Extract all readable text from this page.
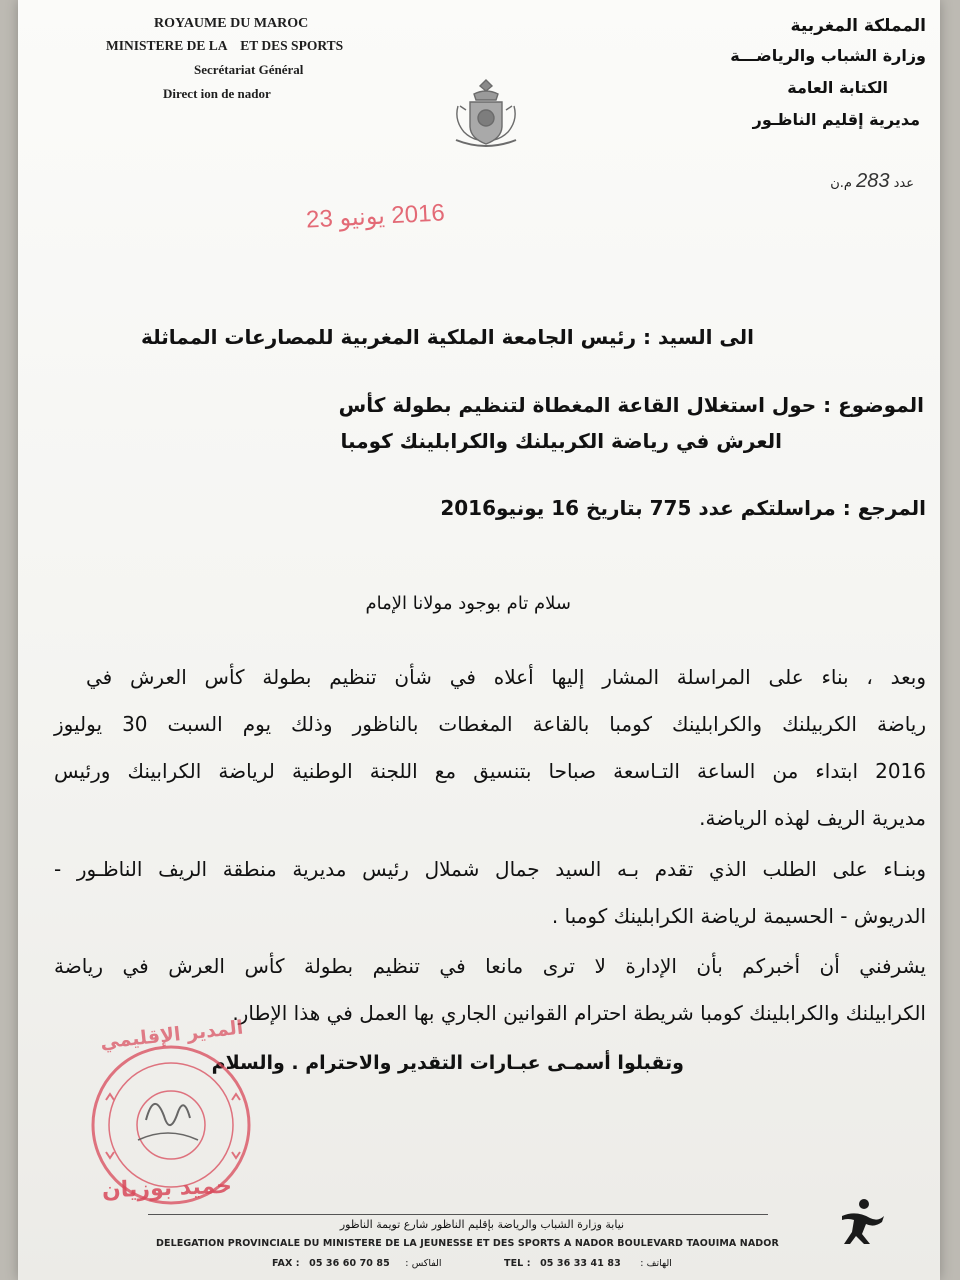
ROYAUME DU MAROC
MINISTERE DE LA    ET DES SPORTS
Secrétariat Général
Direct ion de nador
المملكة المغربية
وزارة الشباب والرياضـــة
الكتابة العامة
مديرية إقليم الناظـور
عدد 283 م.ن
2016 يونيو 23
الى السيد : رئيس الجامعة الملكية المغربية للمصارعات المماثلة
الموضوع : حول استغلال القاعة المغطاة لتنظيم بطولة كأس
العرش في رياضة الكربيلنك والكرابلينك كومبا
المرجع : مراسلتكم عدد 775 بتاريخ 16 يونيو2016
سلام تام بوجود مولانا الإمام
وبعد ، بناء على المراسلة المشار إليها أعلاه في شأن تنظيم بطولة كأس العرش في
رياضة الكربيلنك والكرابلينك كومبا بالقاعة المغطات بالناظور وذلك يوم السبت 30 يوليوز
2016 ابتداء من الساعة التـاسعة صباحا بتنسيق مع اللجنة الوطنية لرياضة الكرابينك ورئيس
مديرية الريف لهذه الرياضة.
وبنـاء على الطلب الذي تقدم بـه السيد جمال شملال رئيس مديرية منطقة الريف الناظـور -
الدريوش - الحسيمة لرياضة الكرابلينك كومبا .
يشرفني أن أخبركم بأن الإدارة لا ترى مانعا في تنظيم بطولة كأس العرش في رياضة
الكرابيلنك والكرابلينك كومبا شريطة احترام القوانين الجاري بها العمل في هذا الإطار.
وتقبلوا أسمـى عبـارات التقدير والاحترام . والسلام
المدير الإقليمي
حميد بوزيان
نيابة وزارة الشباب والرياضة بإقليم الناظور شارع تويمة الناظور
DELEGATION PROVINCIALE DU MINISTERE DE LA JEUNESSE ET DES SPORTS A NADOR BOULEVARD TAOUIMA NADOR
FAX : 05 36 60 70 85 : الفاكس	TEL : 05 36 33 41 83 : الهاتف
